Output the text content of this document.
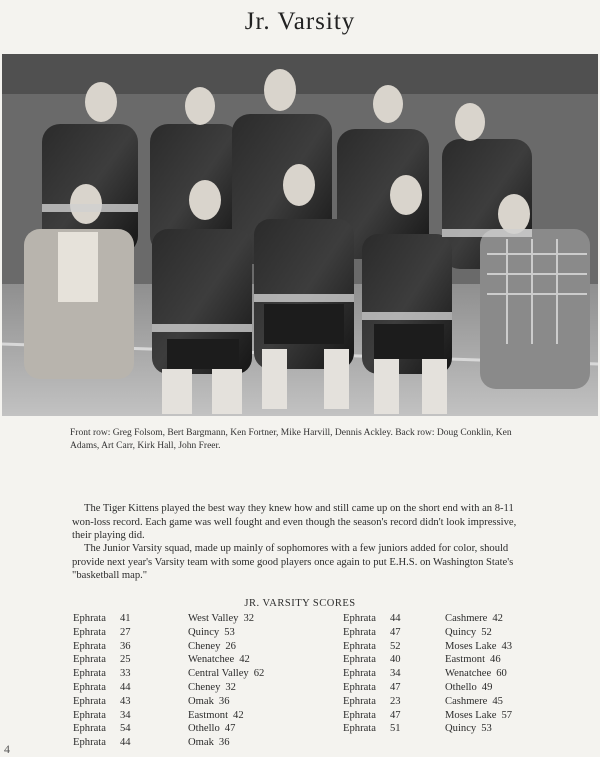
Jr. Varsity
Front row: Greg Folsom, Bert Bargmann, Ken Fortner, Mike Harvill, Dennis Ackley. Back row: Doug Conklin, Ken Adams, Art Carr, Kirk Hall, John Freer.

The Tiger Kittens played the best way they knew how and still came up on the short end with an 8-11 won-loss record. Each game was well fought and even though the season's record didn't look impressive, their playing did.

The Junior Varsity squad, made up mainly of sophomores with a few juniors added for color, should provide next year's Varsity team with some good players once again to put E.H.S. on Washington State's "basketball map."

JR. VARSITY SCORES
Ephrata 41
Ephrata 27
Ephrata 36
Ephrata 25
Ephrata 33
Ephrata 44
Ephrata 43
Ephrata 34
Ephrata 54
Ephrata 44
West Valley 32
Quincy 53
Cheney 26
Wenatchee 42
Central Valley 62
Cheney 32
Omak 36
Eastmont 42
Othello 47
Omak 36
Ephrata 44
Ephrata 47
Ephrata 52
Ephrata 40
Ephrata 34
Ephrata 47
Ephrata 23
Ephrata 47
Ephrata 51
Cashmere 42
Quincy 52
Moses Lake 43
Eastmont 46
Wenatchee 60
Othello 49
Cashmere 45
Moses Lake 57
Quincy 53
4
